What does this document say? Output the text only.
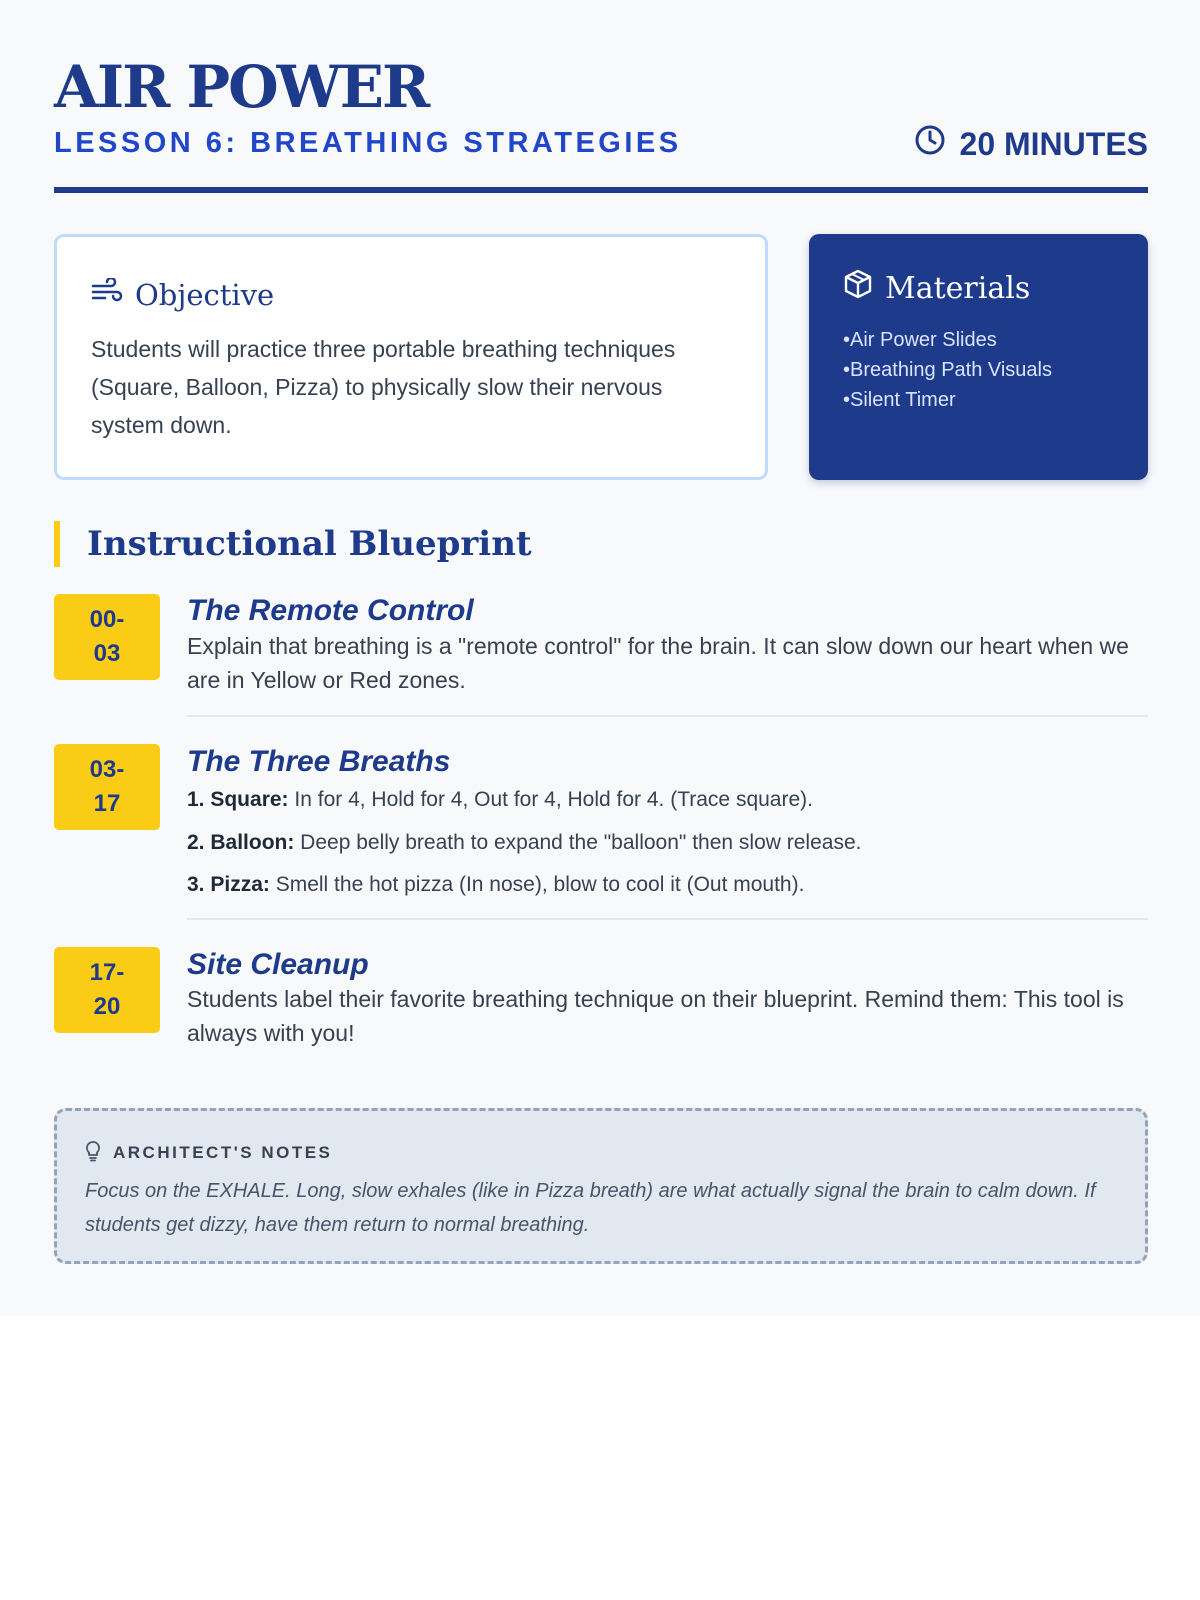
AIR POWER
LESSON 6: BREATHING STRATEGIES	20 MINUTES
Objective

Students will practice three portable breathing techniques (Square, Balloon, Pizza) to physically slow their nervous system down.

Materials
• Air Power Slides
• Breathing Path Visuals
• Silent Timer
Instructional Blueprint
00-
03
The Remote Control

Explain that breathing is a "remote control" for the brain. It can slow down our heart when we are in Yellow or Red zones.

03-
17
The Three Breaths

1. Square: In for 4, Hold for 4, Out for 4, Hold for 4. (Trace square).

2. Balloon: Deep belly breath to expand the "balloon" then slow release.

3. Pizza: Smell the hot pizza (In nose), blow to cool it (Out mouth).

17-
20
Site Cleanup

Students label their favorite breathing technique on their blueprint. Remind them: This tool is always with you!

ARCHITECT'S NOTES

Focus on the EXHALE. Long, slow exhales (like in Pizza breath) are what actually signal the brain to calm down. If students get dizzy, have them return to normal breathing.
